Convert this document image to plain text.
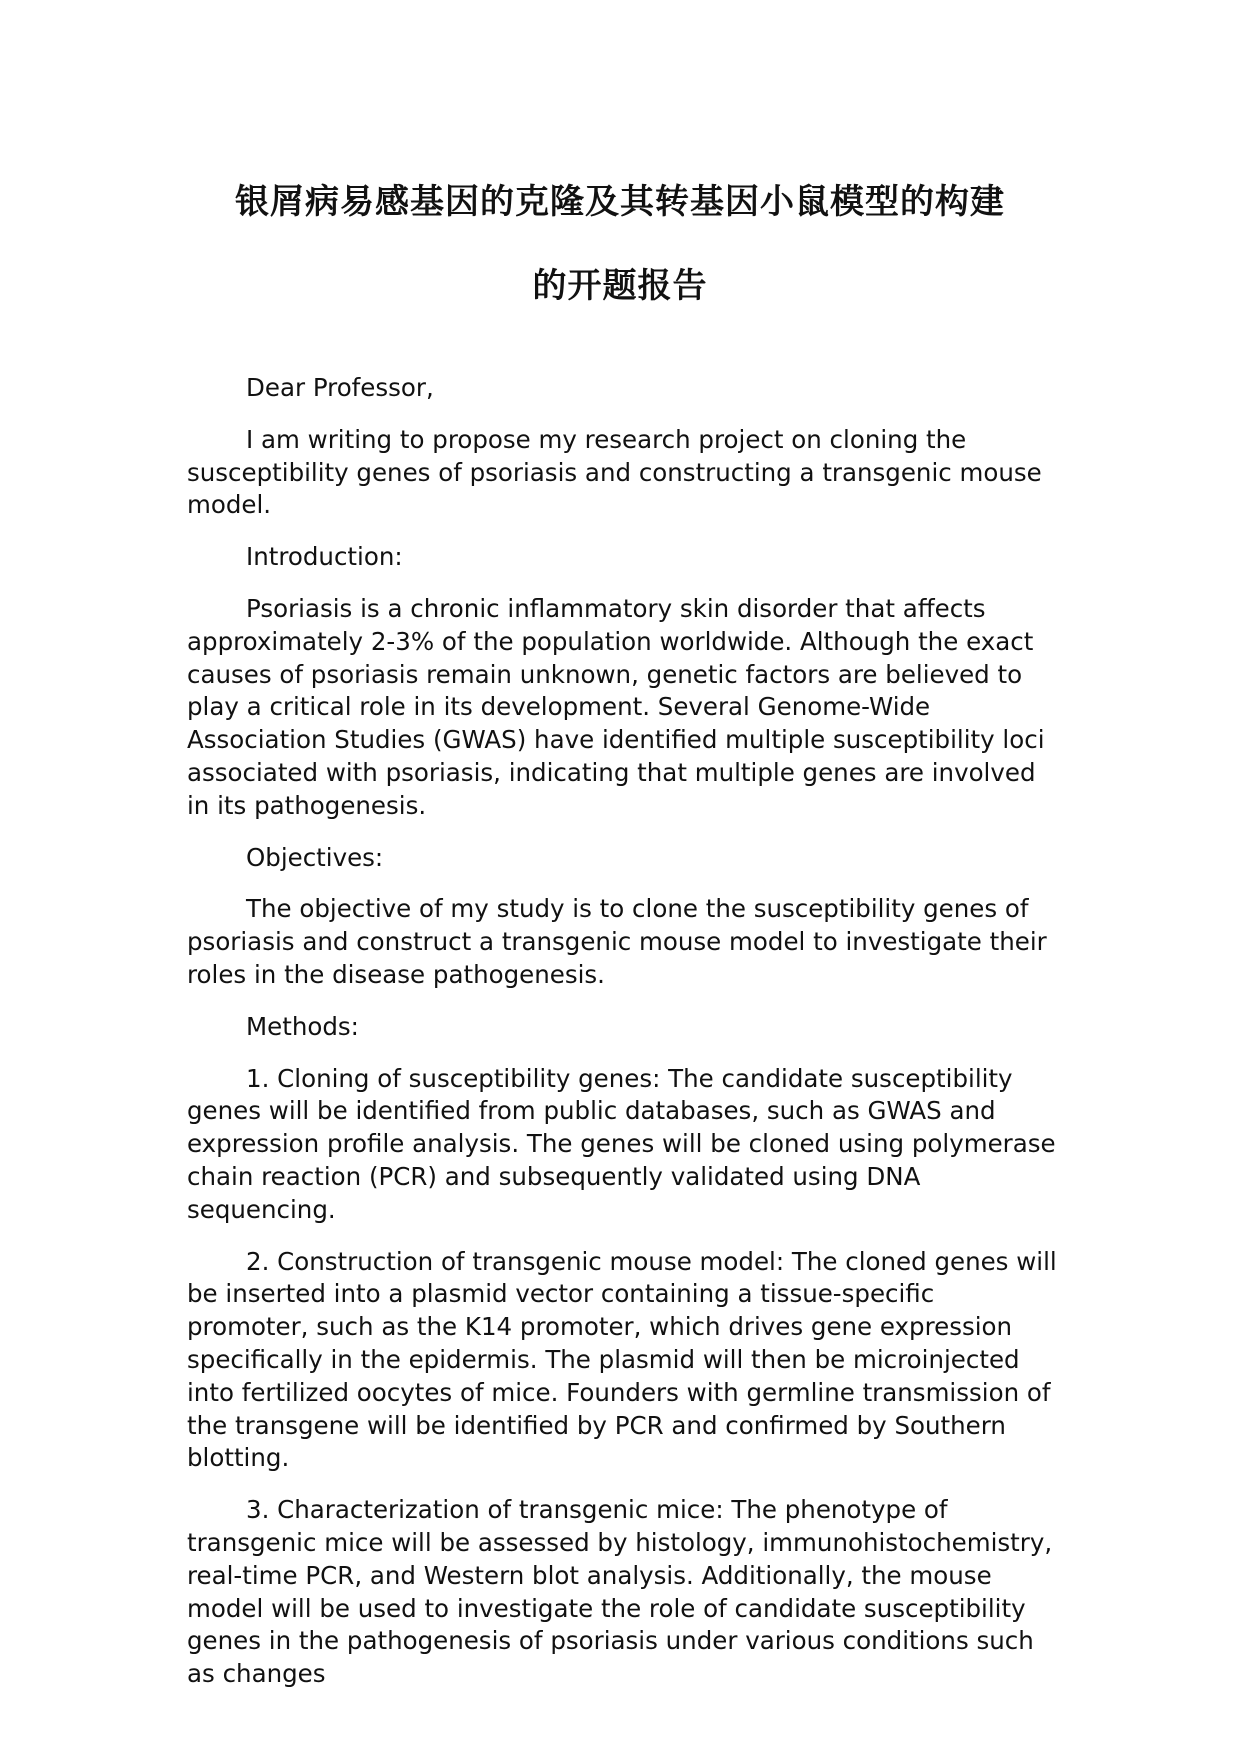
银屑病易感基因的克隆及其转基因小鼠模型的构建
的开题报告

Dear Professor,

I am writing to propose my research project on cloning the susceptibility genes of psoriasis and constructing a transgenic mouse model.

Introduction:

Psoriasis is a chronic inflammatory skin disorder that affects approximately 2-3% of the population worldwide. Although the exact causes of psoriasis remain unknown, genetic factors are believed to play a critical role in its development. Several Genome-Wide Association Studies (GWAS) have identified multiple susceptibility loci associated with psoriasis, indicating that multiple genes are involved in its pathogenesis.

Objectives:

The objective of my study is to clone the susceptibility genes of psoriasis and construct a transgenic mouse model to investigate their roles in the disease pathogenesis.

Methods:

1. Cloning of susceptibility genes: The candidate susceptibility genes will be identified from public databases, such as GWAS and expression profile analysis. The genes will be cloned using polymerase chain reaction (PCR) and subsequently validated using DNA sequencing.

2. Construction of transgenic mouse model: The cloned genes will be inserted into a plasmid vector containing a tissue-specific promoter, such as the K14 promoter, which drives gene expression specifically in the epidermis. The plasmid will then be microinjected into fertilized oocytes of mice. Founders with germline transmission of the transgene will be identified by PCR and confirmed by Southern blotting.

3. Characterization of transgenic mice: The phenotype of transgenic mice will be assessed by histology, immunohistochemistry, real-time PCR, and Western blot analysis. Additionally, the mouse model will be used to investigate the role of candidate susceptibility genes in the pathogenesis of psoriasis under various conditions such as changes
